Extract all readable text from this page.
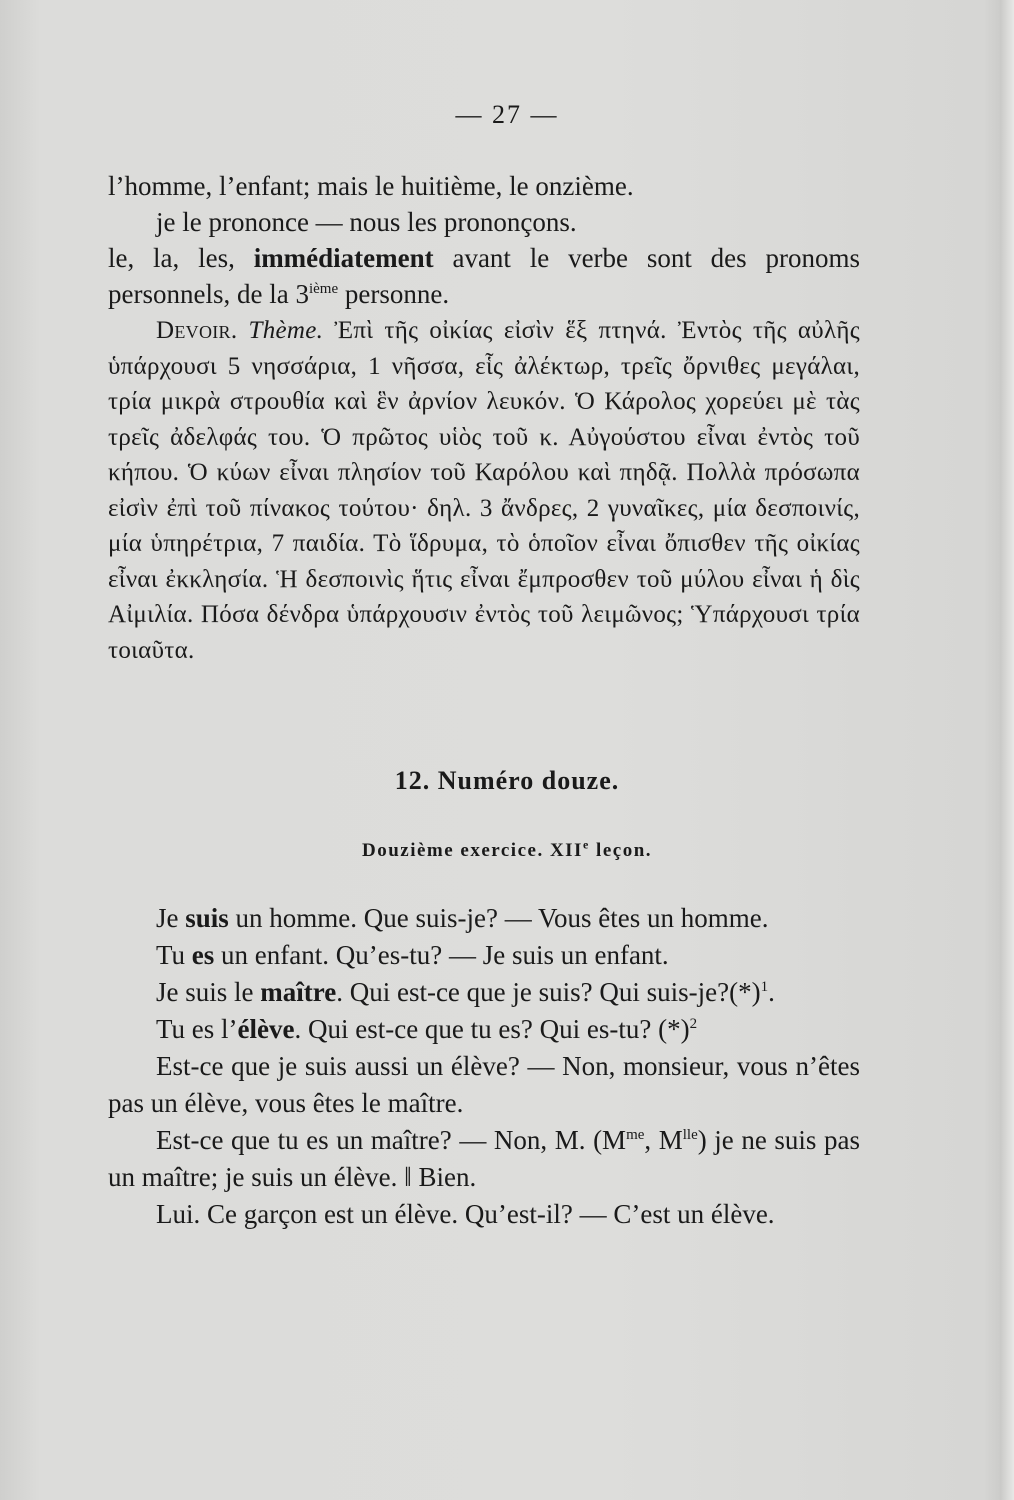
— 27 —

l’homme, l’enfant; mais le huitième, le onzième.

je le prononce — nous les prononçons.

le, la, les, immédiatement avant le verbe sont des pronoms personnels, de la 3ième personne.

Devoir. Thème. Ἐπὶ τῆς οἰκίας εἰσὶν ἕξ πτηνά. Ἐντὸς τῆς αὐλῆς ὑπάρχουσι 5 νησσάρια, 1 νῆσσα, εἷς ἀλέκτωρ, τρεῖς ὄρνιθες μεγάλαι, τρία μικρὰ στρουθία καὶ ἓν ἀρνίον λευκόν. Ὁ Κάρολος χορεύει μὲ τὰς τρεῖς ἀδελφάς του. Ὁ πρῶτος υἱὸς τοῦ κ. Αὐγούστου εἶναι ἐντὸς τοῦ κήπου. Ὁ κύων εἶναι πλησίον τοῦ Καρόλου καὶ πηδᾷ. Πολλὰ πρόσωπα εἰσὶν ἐπὶ τοῦ πίνακος τούτου· δηλ. 3 ἄνδρες, 2 γυναῖκες, μία δεσποινίς, μία ὑπηρέτρια, 7 παιδία. Τὸ ἵδρυμα, τὸ ὁποῖον εἶναι ὄπισθεν τῆς οἰκίας εἶναι ἐκκλησία. Ἡ δεσποινὶς ἥτις εἶναι ἔμπροσθεν τοῦ μύλου εἶναι ἡ δὶς Αἰμιλία. Πόσα δένδρα ὑπάρχουσιν ἐντὸς τοῦ λειμῶνος; Ὑπάρχουσι τρία τοιαῦτα.

12. Numéro douze.
Douzième exercice. XIIe leçon.

Je suis un homme. Que suis-je? — Vous êtes un homme.

Tu es un enfant. Qu’es-tu? — Je suis un enfant.

Je suis le maître. Qui est-ce que je suis? Qui suis-$je?(*)^1$.

Tu es l’élève. Qui est-ce que tu es? Qui es-tu? $(*)^2$

Est-ce que je suis aussi un élève? — Non, monsieur, vous n’êtes pas un élève, vous êtes le maître.

Est-ce que tu es un maître? — Non, M. ($M^{me}$, $M^{lle}$) je ne suis pas un maître; je suis un élève. ‖ Bien.

Lui. Ce garçon est un élève. Qu’est-il? — C’est un élève.
